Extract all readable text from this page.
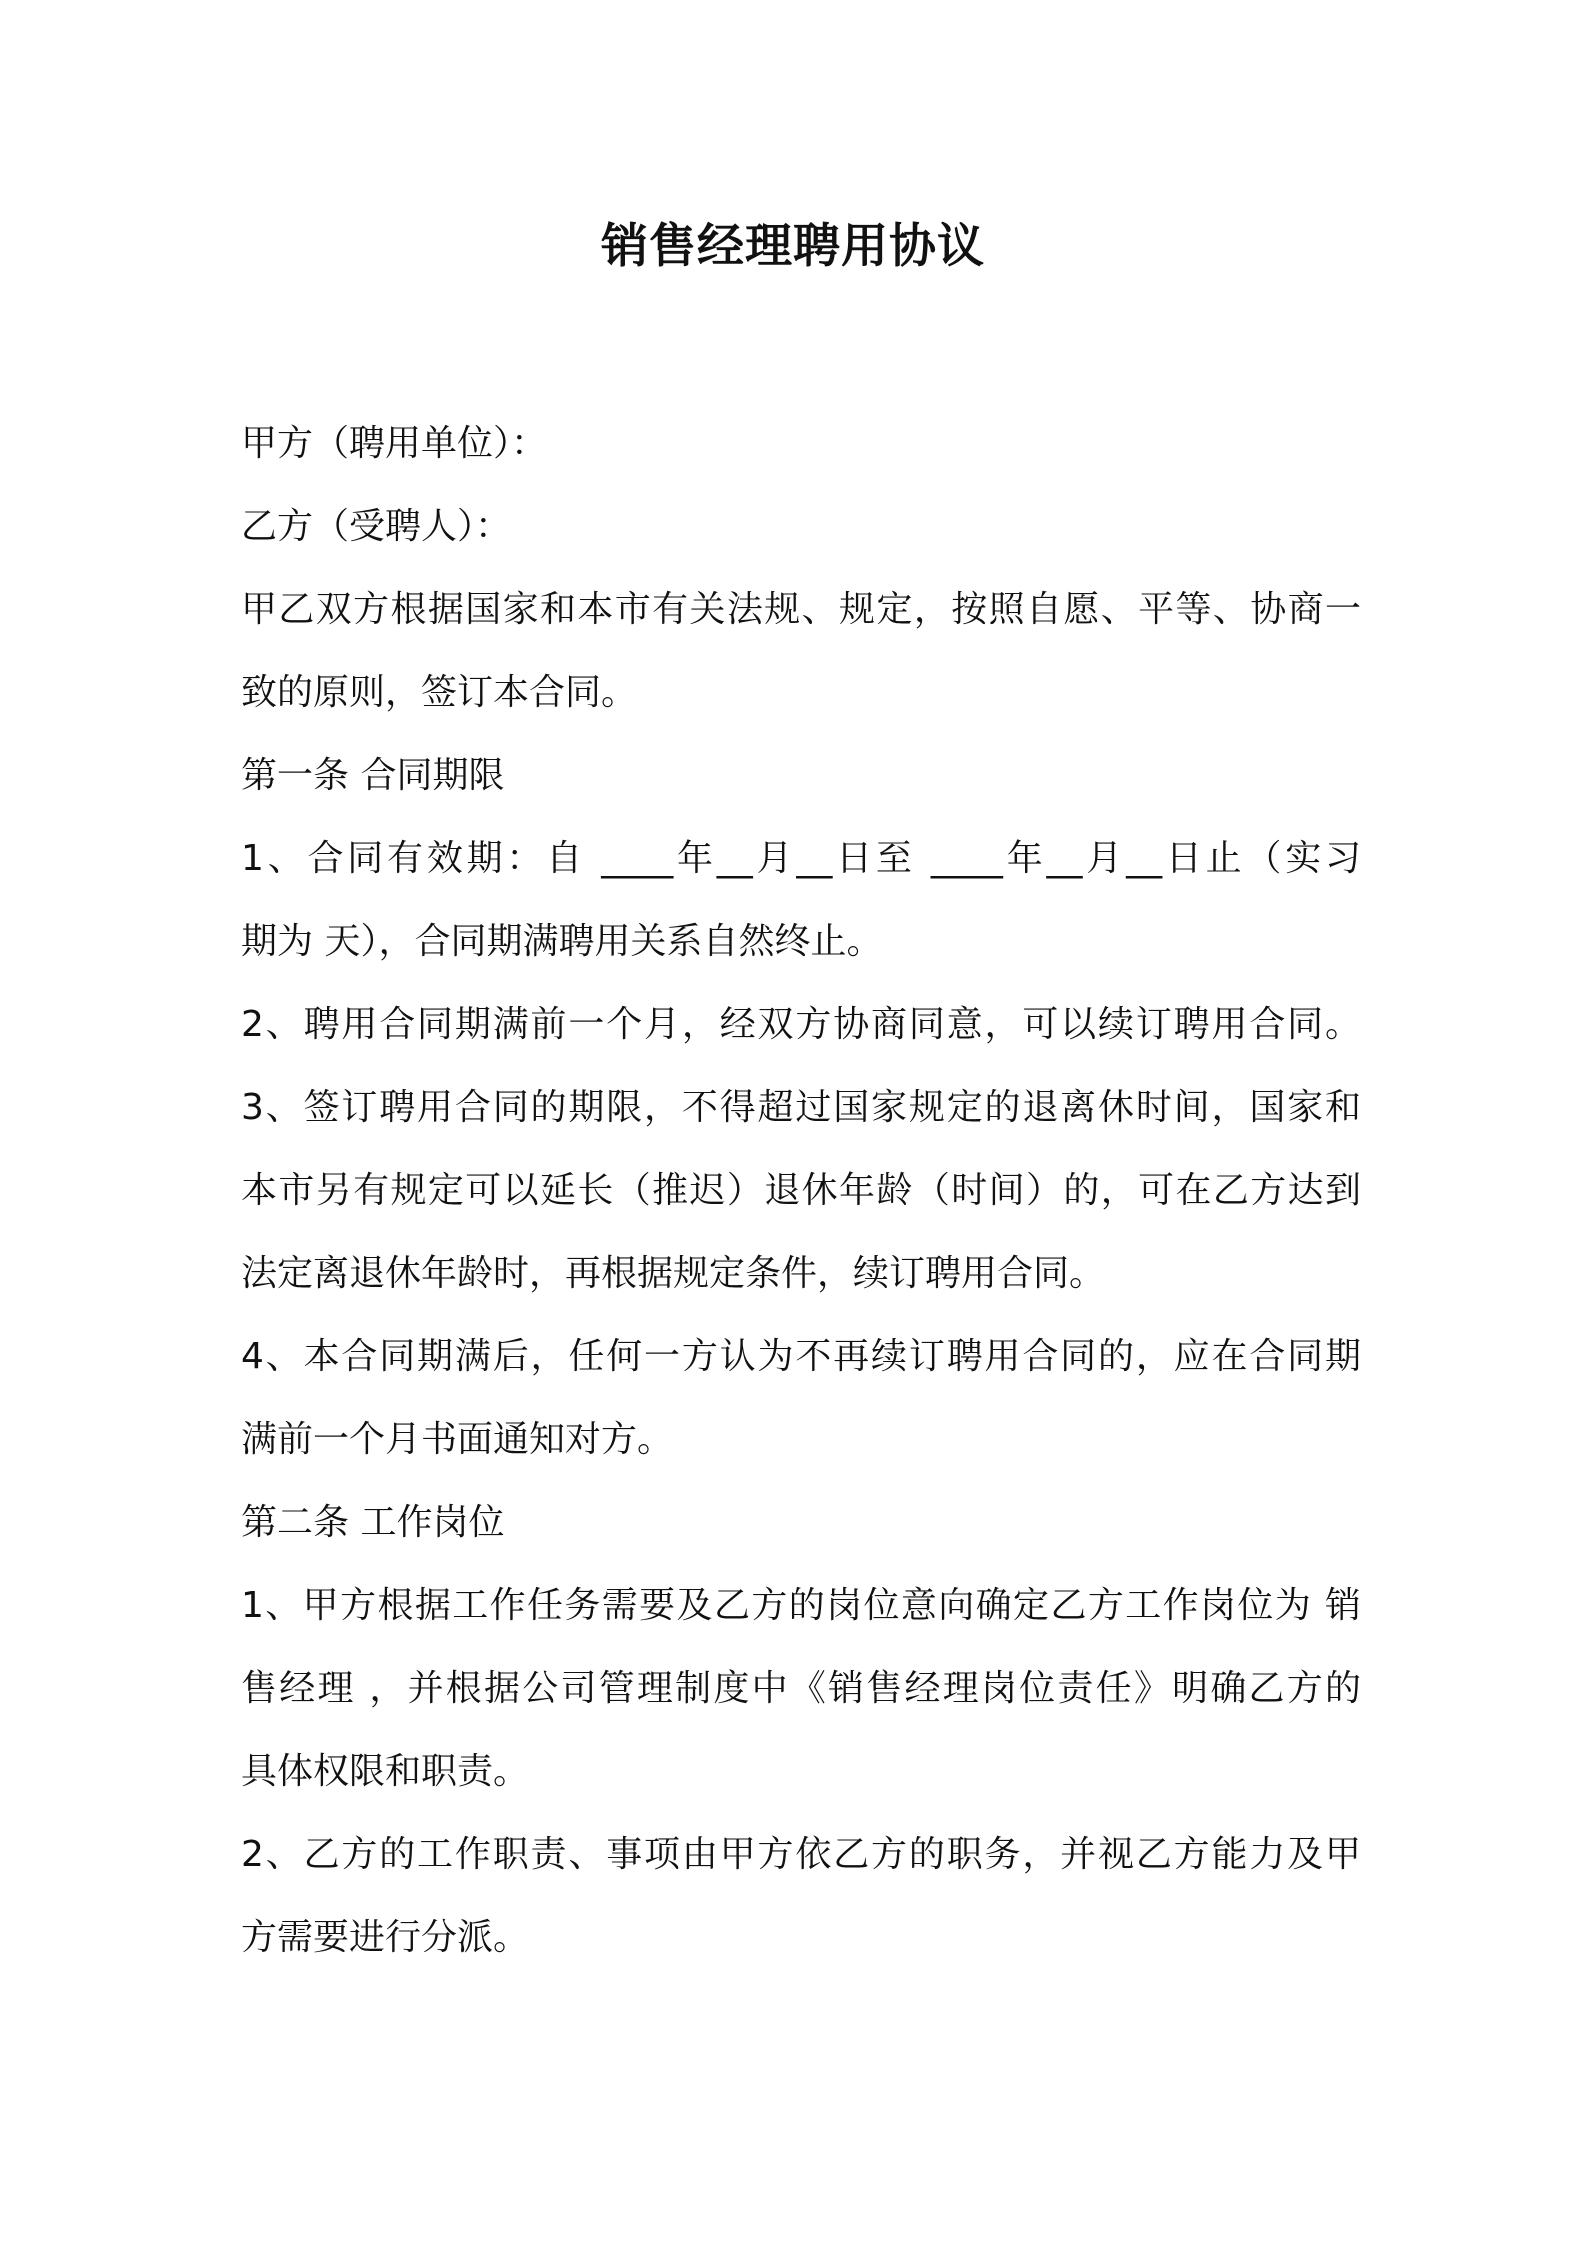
销售经理聘用协议
甲方（聘用单位）：
乙方（受聘人）：
甲乙双方根据国家和本市有关法规、规定，按照自愿、平等、协商一
致的原则，签订本合同。
第一条 合同期限
1、合同有效期：自 ____年__月__日至 ____年__月__日止（实习
期为 天），合同期满聘用关系自然终止。
2、聘用合同期满前一个月，经双方协商同意，可以续订聘用合同。
3、签订聘用合同的期限，不得超过国家规定的退离休时间，国家和
本市另有规定可以延长（推迟）退休年龄（时间）的，可在乙方达到
法定离退休年龄时，再根据规定条件，续订聘用合同。
4、本合同期满后，任何一方认为不再续订聘用合同的，应在合同期
满前一个月书面通知对方。
第二条 工作岗位
1、甲方根据工作任务需要及乙方的岗位意向确定乙方工作岗位为 销
售经理 ，并根据公司管理制度中《销售经理岗位责任》明确乙方的
具体权限和职责。
2、乙方的工作职责、事项由甲方依乙方的职务，并视乙方能力及甲
方需要进行分派。
